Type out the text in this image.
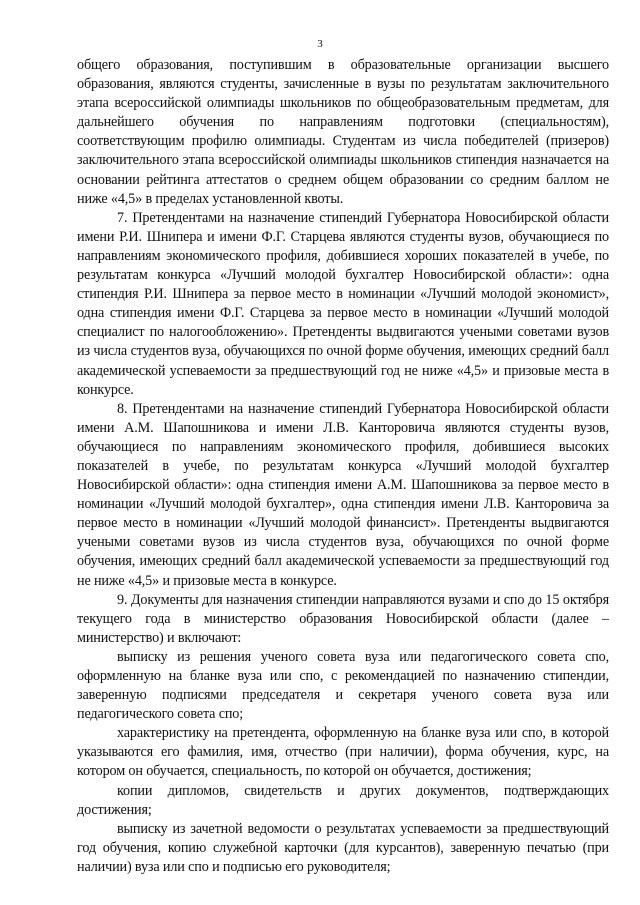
3

общего образования, поступившим в образовательные организации высшего образования, являются студенты, зачисленные в вузы по результатам заключительного этапа всероссийской олимпиады школьников по общеобразовательным предметам, для дальнейшего обучения по направлениям подготовки (специальностям), соответствующим профилю олимпиады. Студентам из числа победителей (призеров) заключительного этапа всероссийской олимпиады школьников стипендия назначается на основании рейтинга аттестатов о среднем общем образовании со средним баллом не ниже «4,5» в пределах установленной квоты.

7. Претендентами на назначение стипендий Губернатора Новосибирской области имени Р.И. Шнипера и имени Ф.Г. Старцева являются студенты вузов, обучающиеся по направлениям экономического профиля, добившиеся хороших показателей в учебе, по результатам конкурса «Лучший молодой бухгалтер Новосибирской области»: одна стипендия Р.И. Шнипера за первое место в номинации «Лучший молодой экономист», одна стипендия имени Ф.Г. Старцева за первое место в номинации «Лучший молодой специалист по налогообложению». Претенденты выдвигаются учеными советами вузов из числа студентов вуза, обучающихся по очной форме обучения, имеющих средний балл академической успеваемости за предшествующий год не ниже «4,5» и призовые места в конкурсе.

8. Претендентами на назначение стипендий Губернатора Новосибирской области имени А.М. Шапошникова и имени Л.В. Канторовича являются студенты вузов, обучающиеся по направлениям экономического профиля, добившиеся высоких показателей в учебе, по результатам конкурса «Лучший молодой бухгалтер Новосибирской области»: одна стипендия имени А.М. Шапошникова за первое место в номинации «Лучший молодой бухгалтер», одна стипендия имени Л.В. Канторовича за первое место в номинации «Лучший молодой финансист». Претенденты выдвигаются учеными советами вузов из числа студентов вуза, обучающихся по очной форме обучения, имеющих средний балл академической успеваемости за предшествующий год не ниже «4,5» и призовые места в конкурсе.

9. Документы для назначения стипендии направляются вузами и спо до 15 октября текущего года в министерство образования Новосибирской области (далее – министерство) и включают:

выписку из решения ученого совета вуза или педагогического совета спо, оформленную на бланке вуза или спо, с рекомендацией по назначению стипендии, заверенную подписями председателя и секретаря ученого совета вуза или педагогического совета спо;

характеристику на претендента, оформленную на бланке вуза или спо, в которой указываются его фамилия, имя, отчество (при наличии), форма обучения, курс, на котором он обучается, специальность, по которой он обучается, достижения;

копии дипломов, свидетельств и других документов, подтверждающих достижения;

выписку из зачетной ведомости о результатах успеваемости за предшествующий год обучения, копию служебной карточки (для курсантов), заверенную печатью (при наличии) вуза или спо и подписью его руководителя;
